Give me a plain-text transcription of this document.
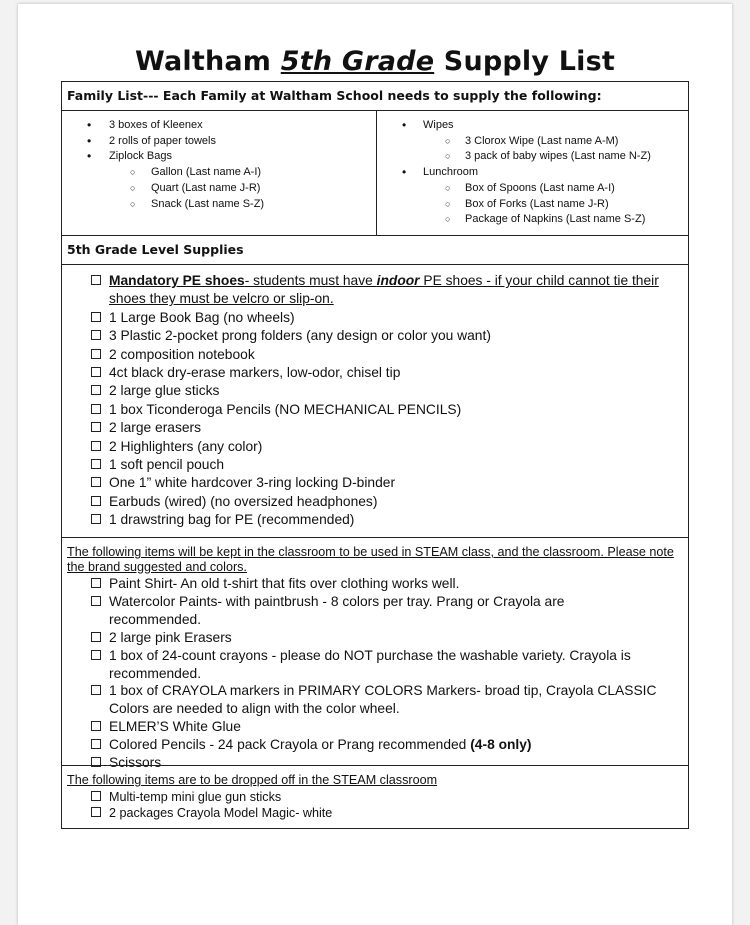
Waltham 5th Grade Supply List
Family List--- Each Family at Waltham School needs to supply the following:
• 3 boxes of Kleenex
• 2 rolls of paper towels
• Ziplock Bags
○ Gallon (Last name A-I)
○ Quart (Last name J-R)
○ Snack (Last name S-Z)
• Wipes
○ 3 Clorox Wipe (Last name A-M)
○ 3 pack of baby wipes (Last name N-Z)
• Lunchroom
○ Box of Spoons (Last name A-I)
○ Box of Forks (Last name J-R)
○ Package of Napkins (Last name S-Z)
5th Grade Level Supplies
Mandatory PE shoes- students must have indoor PE shoes - if your child cannot tie their shoes they must be velcro or slip-on.
1 Large Book Bag (no wheels)
3 Plastic 2-pocket prong folders (any design or color you want)
2 composition notebook
4ct black dry-erase markers, low-odor, chisel tip
2 large glue sticks
1 box Ticonderoga Pencils (NO MECHANICAL PENCILS)
2 large erasers
2 Highlighters (any color)
1 soft pencil pouch
One 1” white hardcover 3-ring locking D-binder
Earbuds (wired) (no oversized headphones)
1 drawstring bag for PE (recommended)
The following items will be kept in the classroom to be used in STEAM class, and the classroom. Please note the brand suggested and colors.
Paint Shirt- An old t-shirt that fits over clothing works well.
Watercolor Paints- with paintbrush - 8 colors per tray. Prang or Crayola are recommended.
2 large pink Erasers
1 box of 24-count crayons - please do NOT purchase the washable variety. Crayola is recommended.
1 box of CRAYOLA markers in PRIMARY COLORS Markers- broad tip, Crayola CLASSIC Colors are needed to align with the color wheel.
ELMER’S White Glue
Colored Pencils - 24 pack Crayola or Prang recommended (4-8 only)
Scissors
The following items are to be dropped off in the STEAM classroom
Multi-temp mini glue gun sticks
2 packages Crayola Model Magic- white
